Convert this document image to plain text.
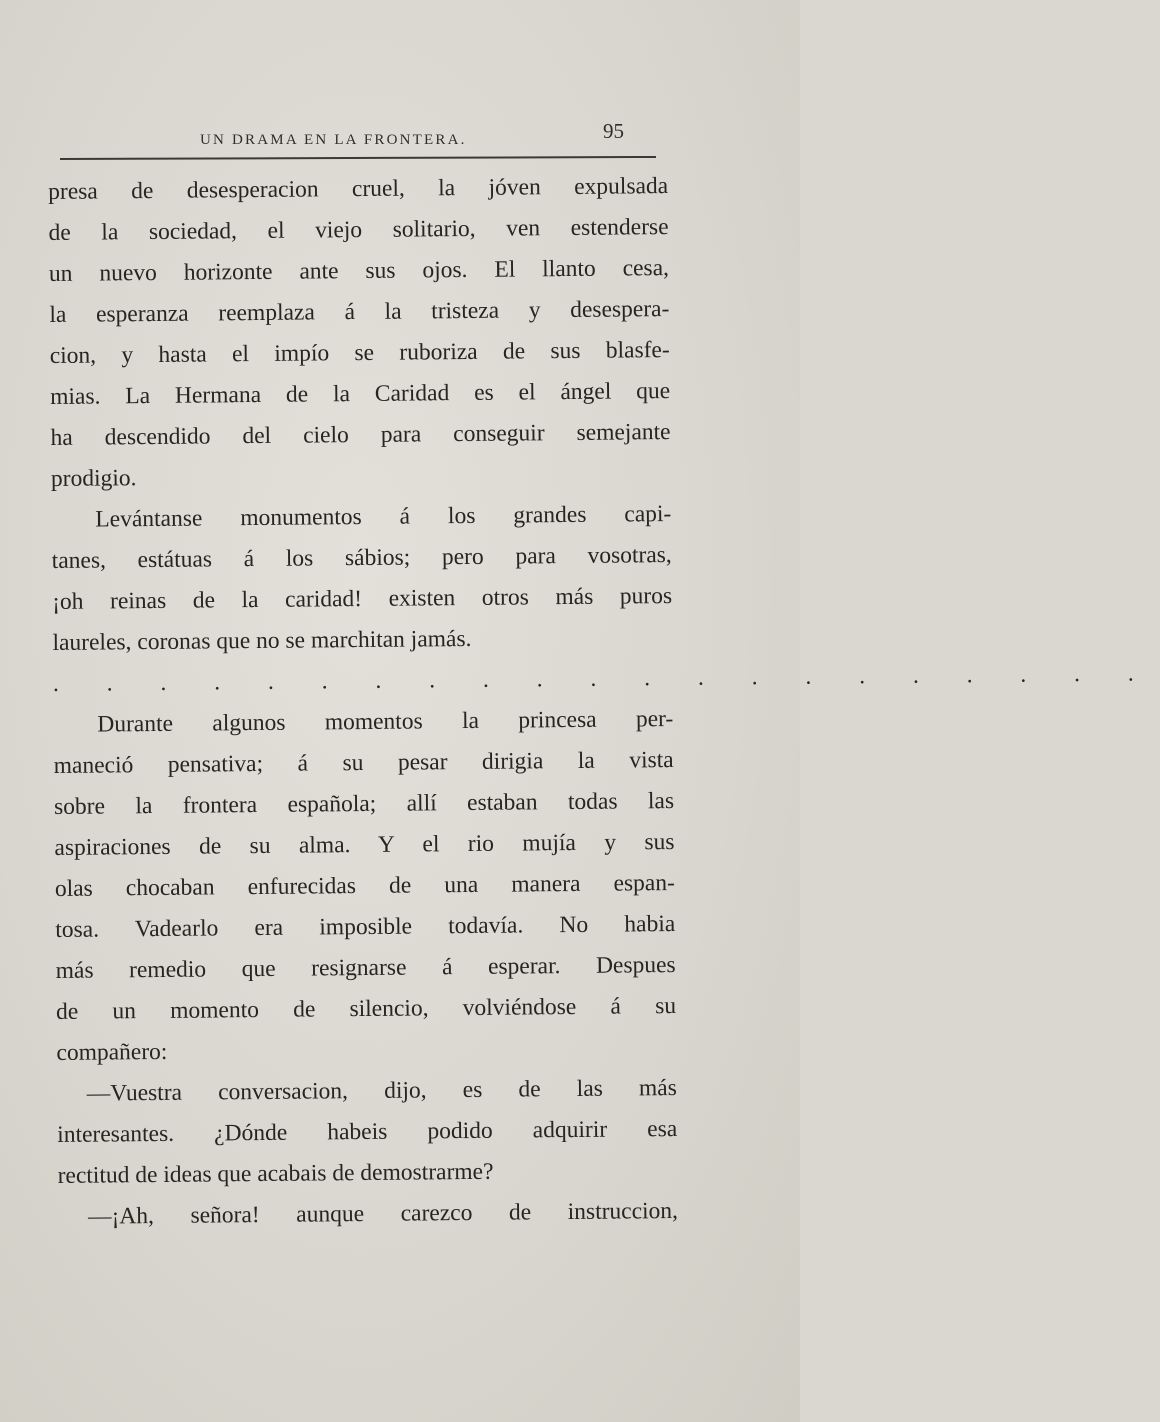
UN DRAMA EN LA FRONTERA.	95
presa de desesperacion cruel, la jóven expulsada
de la sociedad, el viejo solitario, ven estenderse
un nuevo horizonte ante sus ojos. El llanto cesa,
la esperanza reemplaza á la tristeza y desespera-
cion, y hasta el impío se ruboriza de sus blasfe-
mias. La Hermana de la Caridad es el ángel que
ha descendido del cielo para conseguir semejante
prodigio.
Levántanse monumentos á los grandes capi-
tanes, estátuas á los sábios; pero para vosotras,
¡oh reinas de la caridad! existen otros más puros
laureles, coronas que no se marchitan jamás.
. . . . . . . . . . . . . . . . . . . . .
Durante algunos momentos la princesa per-
maneció pensativa; á su pesar dirigia la vista
sobre la frontera española; allí estaban todas las
aspiraciones de su alma. Y el rio mujía y sus
olas chocaban enfurecidas de una manera espan-
tosa. Vadearlo era imposible todavía. No habia
más remedio que resignarse á esperar. Despues
de un momento de silencio, volviéndose á su
compañero:
—Vuestra conversacion, dijo, es de las más
interesantes. ¿Dónde habeis podido adquirir esa
rectitud de ideas que acabais de demostrarme?
—¡Ah, señora! aunque carezco de instruccion,
